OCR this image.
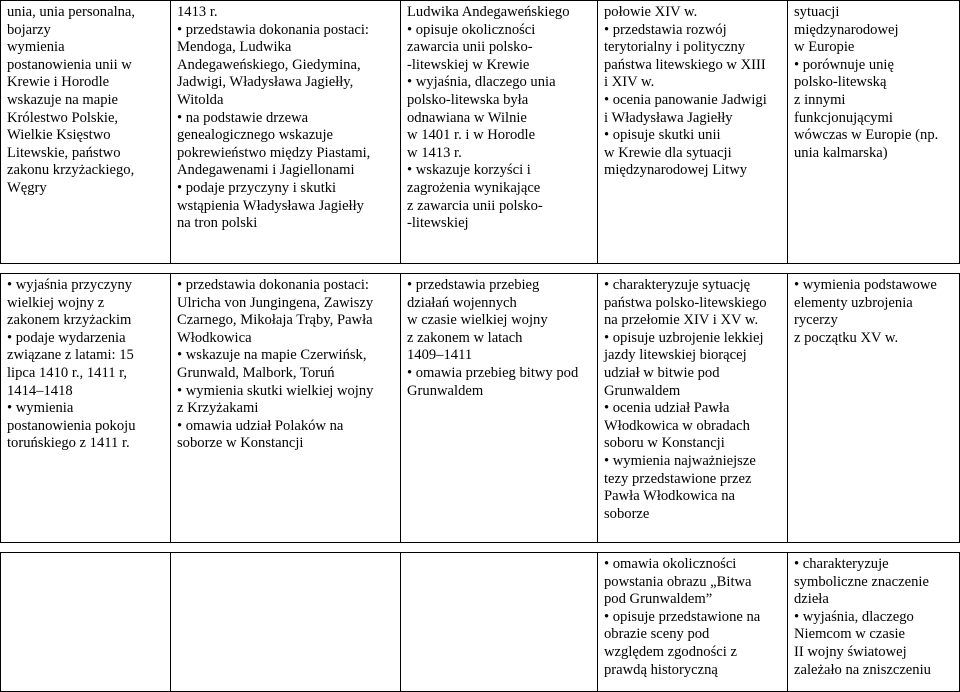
unia, unia personalna,
bojarzy
wymienia
postanowienia unii w
Krewie i Horodle
wskazuje na mapie
Królestwo Polskie,
Wielkie Księstwo
Litewskie, państwo
zakonu krzyżackiego,
Węgry
1413 r.
• przedstawia dokonania postaci:
Mendoga, Ludwika
Andegaweńskiego, Giedymina,
Jadwigi, Władysława Jagiełły,
Witolda
• na podstawie drzewa
genealogicznego wskazuje
pokrewieństwo między Piastami,
Andegawenami i Jagiellonami
• podaje przyczyny i skutki
wstąpienia Władysława Jagiełły
na tron polski
Ludwika Andegaweńskiego
• opisuje okoliczności
zawarcia unii polsko-
-litewskiej w Krewie
• wyjaśnia, dlaczego unia
polsko-litewska była
odnawiana w Wilnie
w 1401 r. i w Horodle
w 1413 r.
• wskazuje korzyści i
zagrożenia wynikające
z zawarcia unii polsko-
-litewskiej
połowie XIV w.
• przedstawia rozwój
terytorialny i polityczny
państwa litewskiego w XIII
i XIV w.
• ocenia panowanie Jadwigi
i Władysława Jagiełły
• opisuje skutki unii
w Krewie dla sytuacji
międzynarodowej Litwy
sytuacji
międzynarodowej
w Europie
• porównuje unię
polsko-litewską
z innymi
funkcjonującymi
wówczas w Europie (np.
unia kalmarska)
• wyjaśnia przyczyny
wielkiej wojny z
zakonem krzyżackim
• podaje wydarzenia
związane z latami: 15
lipca 1410 r., 1411 r,
1414–1418
• wymienia
postanowienia pokoju
toruńskiego z 1411 r.
• przedstawia dokonania postaci:
Ulricha von Jungingena, Zawiszy
Czarnego, Mikołaja Trąby, Pawła
Włodkowica
• wskazuje na mapie Czerwińsk,
Grunwald, Malbork, Toruń
• wymienia skutki wielkiej wojny
z Krzyżakami
• omawia udział Polaków na
soborze w Konstancji
• przedstawia przebieg
działań wojennych
w czasie wielkiej wojny
z zakonem w latach
1409–1411
• omawia przebieg bitwy pod
Grunwaldem
• charakteryzuje sytuację
państwa polsko-litewskiego
na przełomie XIV i XV w.
• opisuje uzbrojenie lekkiej
jazdy litewskiej biorącej
udział w bitwie pod
Grunwaldem
• ocenia udział Pawła
Włodkowica w obradach
soboru w Konstancji
• wymienia najważniejsze
tezy przedstawione przez
Pawła Włodkowica na
soborze
• wymienia podstawowe
elementy uzbrojenia
rycerzy
z początku XV w.
• omawia okoliczności
powstania obrazu „Bitwa
pod Grunwaldem”
• opisuje przedstawione na
obrazie sceny pod
względem zgodności z
prawdą historyczną
• charakteryzuje
symboliczne znaczenie
dzieła
• wyjaśnia, dlaczego
Niemcom w czasie
II wojny światowej
zależało na zniszczeniu
